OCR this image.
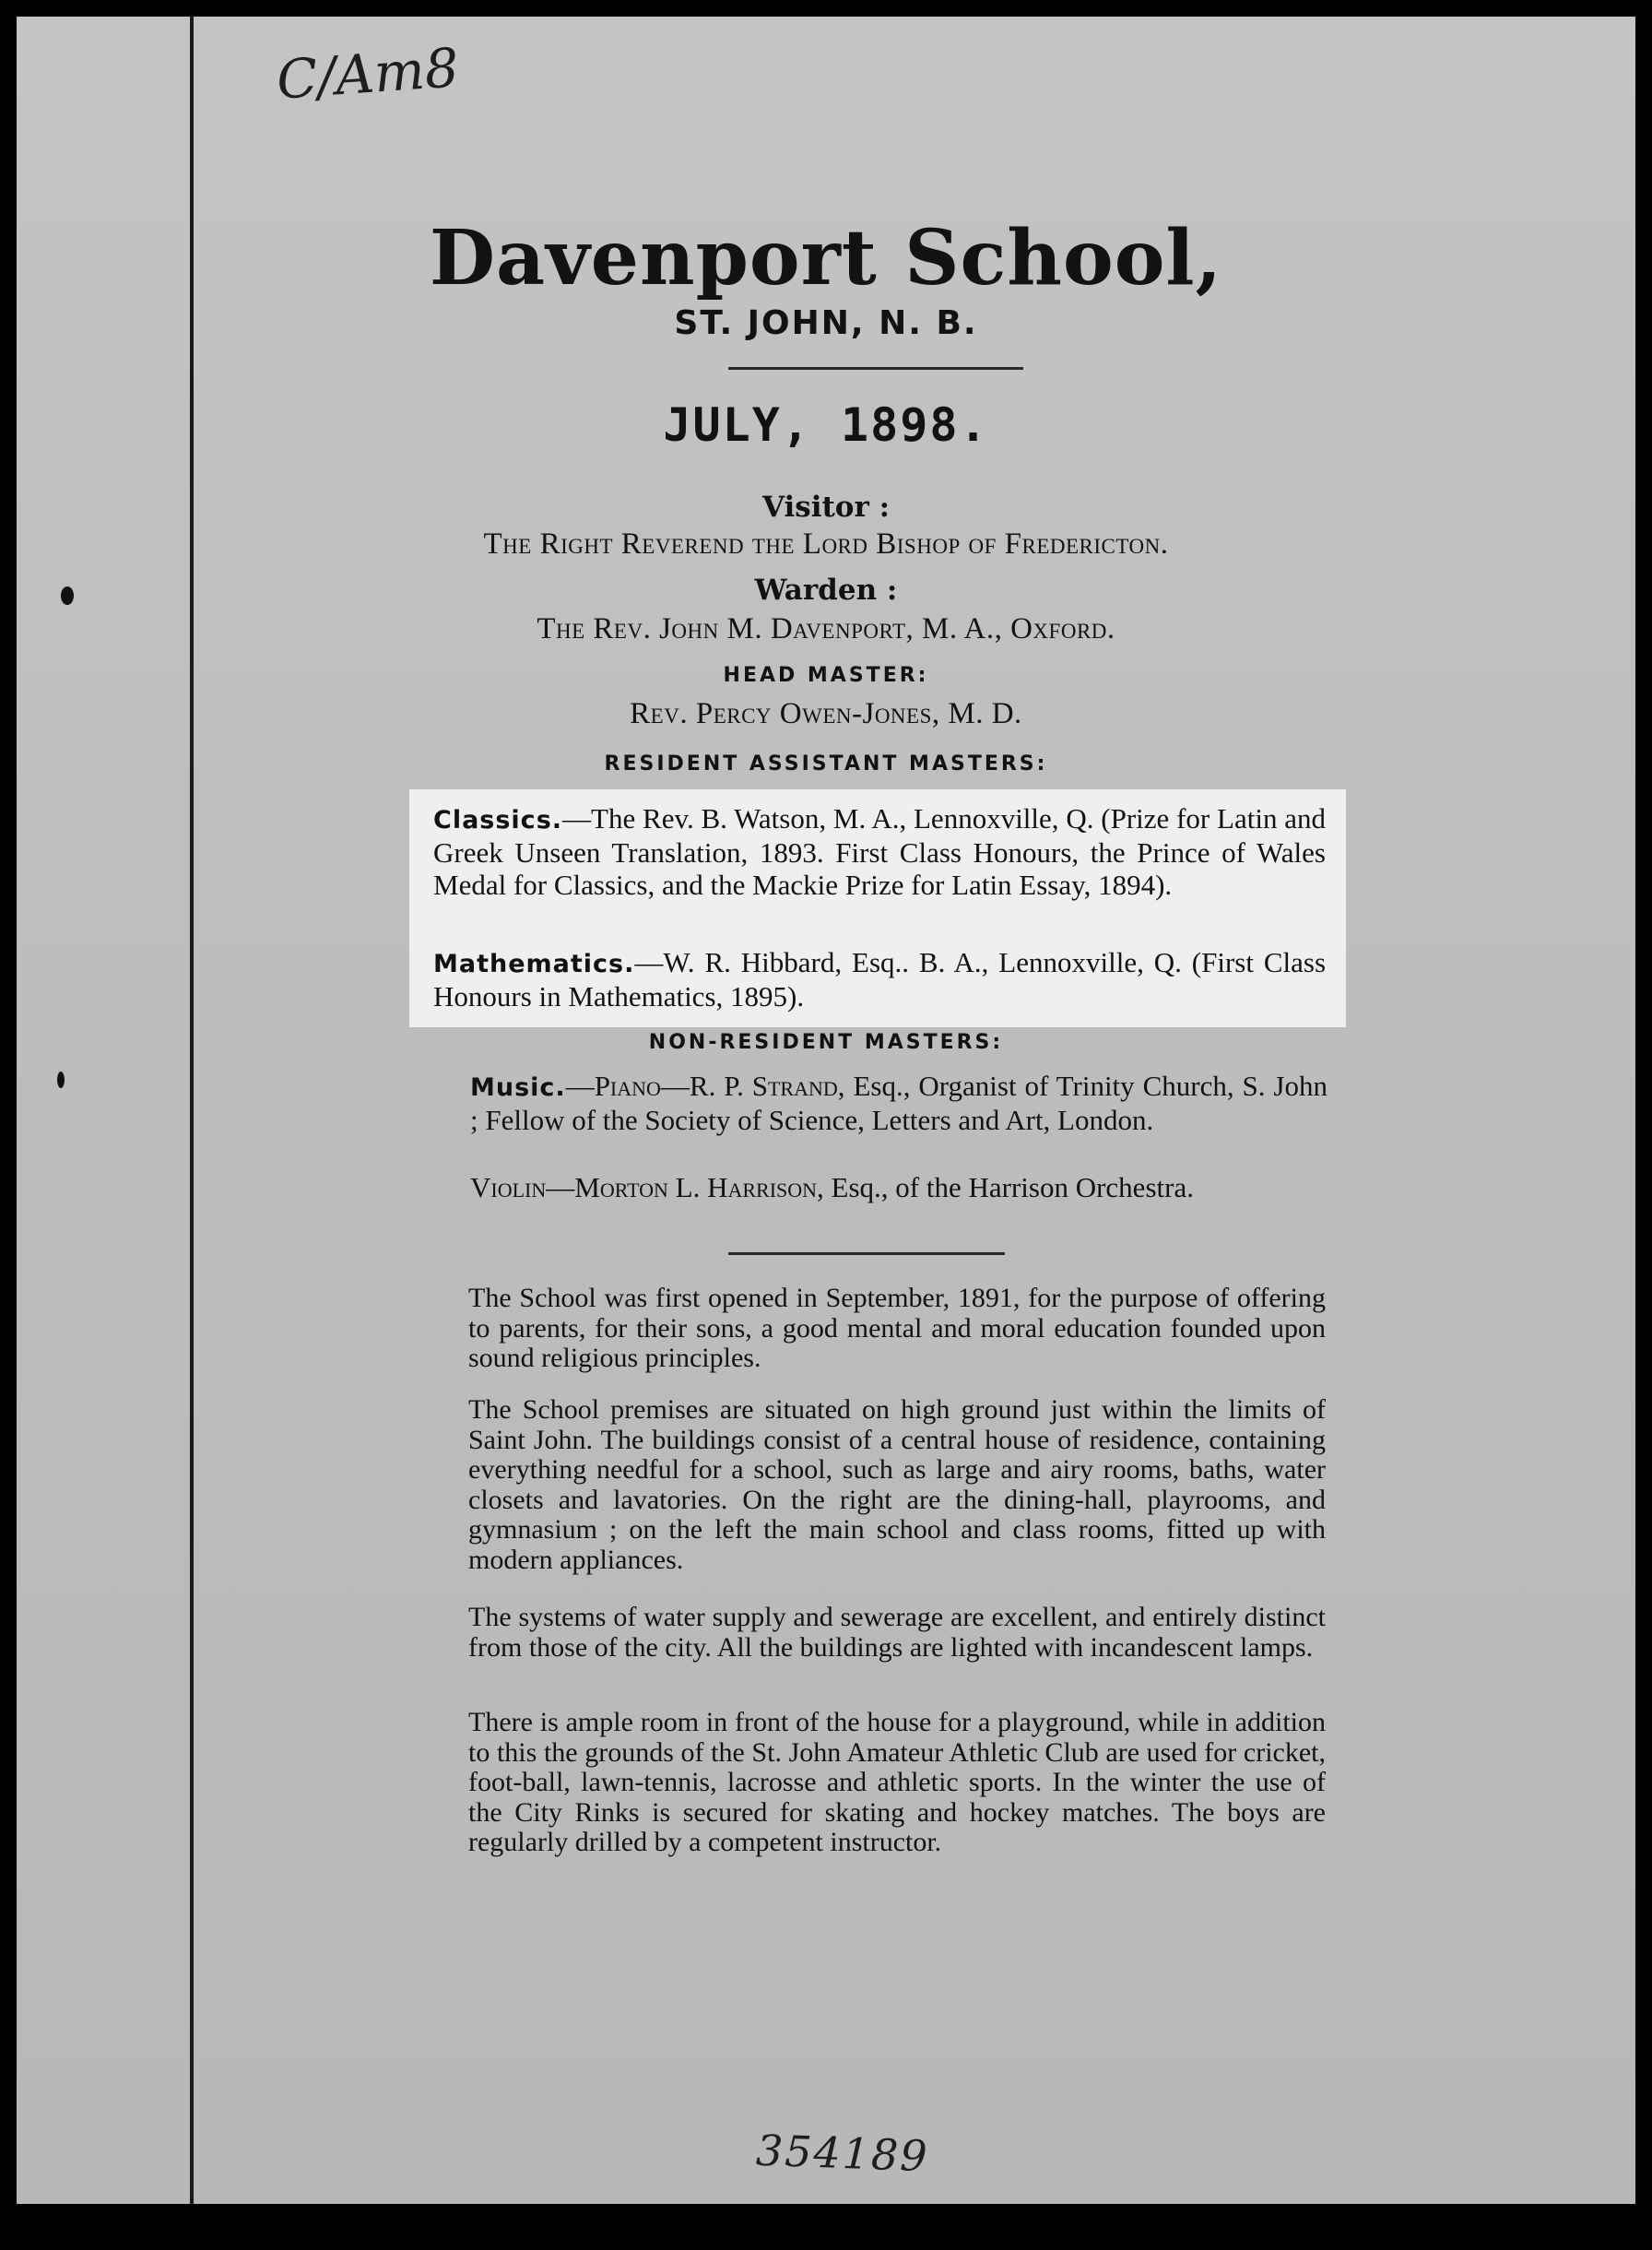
C/Am8
Davenport School,
ST. JOHN, N. B.
JULY, 1898.
Visitor :
The Right Reverend the Lord Bishop of Fredericton.
Warden :
The Rev. John M. Davenport, M. A., Oxford.
HEAD MASTER:
Rev. Percy Owen-Jones, M. D.
RESIDENT ASSISTANT MASTERS:
Classics.—The Rev. B. Watson, M. A., Lennoxville, Q. (Prize for Latin and Greek Unseen Translation, 1893. First Class Honours, the Prince of Wales Medal for Classics, and the Mackie Prize for Latin Essay, 1894).
Mathematics.—W. R. Hibbard, Esq.. B. A., Lennoxville, Q. (First Class Honours in Mathematics, 1895).
NON-RESIDENT MASTERS:
Music.—Piano—R. P. Strand, Esq., Organist of Trinity Church, S. John ; Fellow of the Society of Science, Letters and Art, London.
Violin—Morton L. Harrison, Esq., of the Harrison Orchestra.

The School was first opened in September, 1891, for the purpose of offering to parents, for their sons, a good mental and moral education founded upon sound religious principles.

The School premises are situated on high ground just within the limits of Saint John. The buildings consist of a central house of residence, containing everything needful for a school, such as large and airy rooms, baths, water closets and lavatories. On the right are the dining-hall, playrooms, and gymnasium ; on the left the main school and class rooms, fitted up with modern appliances.

The systems of water supply and sewerage are excellent, and entirely distinct from those of the city. All the buildings are lighted with incandescent lamps.

There is ample room in front of the house for a playground, while in addition to this the grounds of the St. John Amateur Athletic Club are used for cricket, foot-ball, lawn-tennis, lacrosse and athletic sports. In the winter the use of the City Rinks is secured for skating and hockey matches. The boys are regularly drilled by a competent instructor.

354189
